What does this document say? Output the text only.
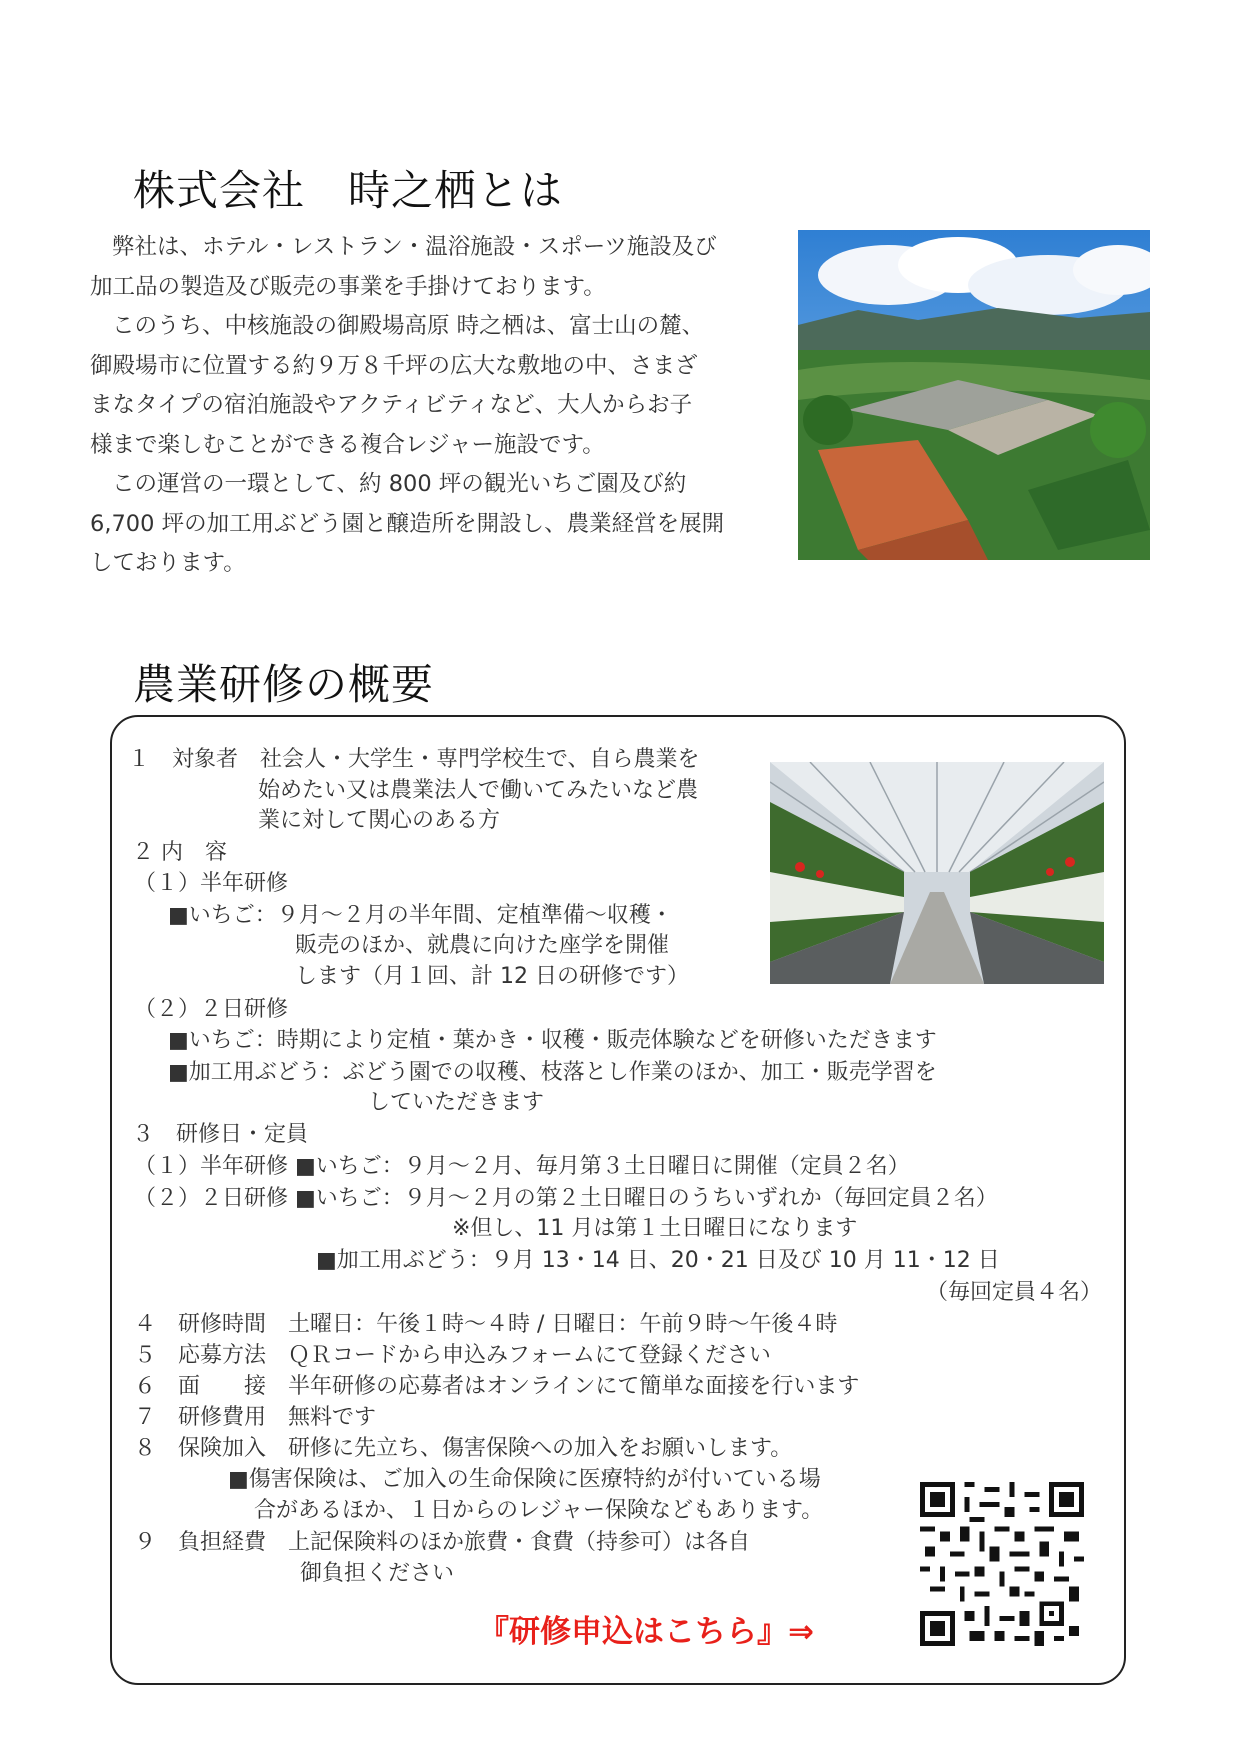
株式会社　時之栖とは

弊社は、ホテル・レストラン・温浴施設・スポーツ施設及び

加工品の製造及び販売の事業を手掛けております。

このうち、中核施設の御殿場高原 時之栖は、富士山の麓、

御殿場市に位置する約９万８千坪の広大な敷地の中、さまざ

まなタイプの宿泊施設やアクティビティなど、大人からお子

様まで楽しむことができる複合レジャー施設です。

この運営の一環として、約 800 坪の観光いちご園及び約

6,700 坪の加工用ぶどう園と醸造所を開設し、農業経営を展開

しております。

農業研修の概要
１　対象者　社会人・大学生・専門学校生で、自ら農業を
始めたい又は農業法人で働いてみたいなど農
業に対して関心のある方
２ 内　容
（１）半年研修
■いちご：９月～２月の半年間、定植準備～収穫・
販売のほか、就農に向けた座学を開催
します（月１回、計 12 日の研修です）
（２）２日研修
■いちご：時期により定植・葉かき・収穫・販売体験などを研修いただきます
■加工用ぶどう：ぶどう園での収穫、枝落とし作業のほか、加工・販売学習を
していただきます
３　研修日・定員
（１）半年研修 ■いちご：９月～２月、毎月第３土日曜日に開催（定員２名）
（２）２日研修 ■いちご：９月～２月の第２土日曜日のうちいずれか（毎回定員２名）
※但し、11 月は第１土日曜日になります
■加工用ぶどう：９月 13・14 日、20・21 日及び 10 月 11・12 日
（毎回定員４名）
４　研修時間　土曜日：午後１時～４時 / 日曜日：午前９時～午後４時
５　応募方法　ＱＲコードから申込みフォームにて登録ください
６　面　　接　半年研修の応募者はオンラインにて簡単な面接を行います
７　研修費用　無料です
８　保険加入　研修に先立ち、傷害保険への加入をお願いします。
■傷害保険は、ご加入の生命保険に医療特約が付いている場
合があるほか、１日からのレジャー保険などもあります。
９　負担経費　上記保険料のほか旅費・食費（持参可）は各自
御負担ください
『研修申込はこちら』⇒
